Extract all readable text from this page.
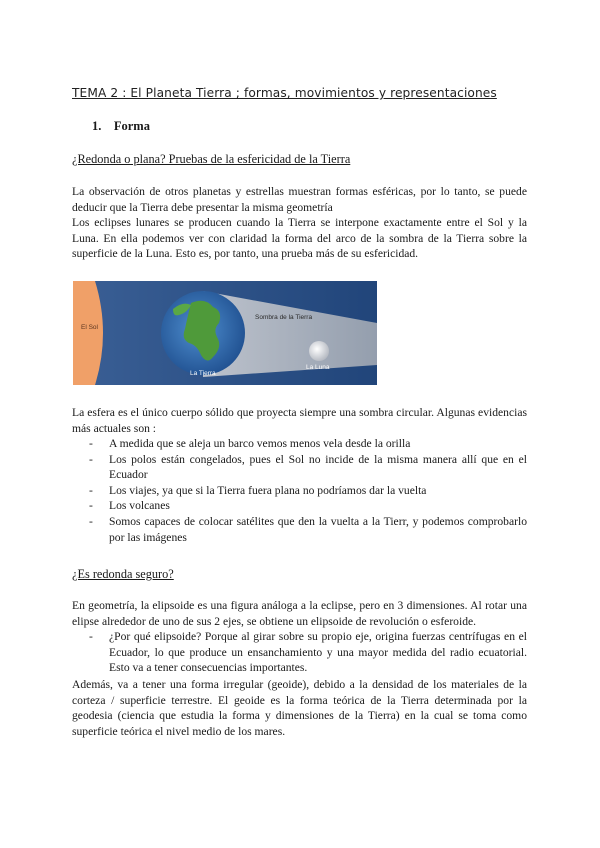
TEMA 2 : El Planeta Tierra ; formas, movimientos y representaciones
1. Forma
¿Redonda o plana? Pruebas de la esfericidad de la Tierra
La observación de otros planetas y estrellas muestran formas esféricas, por lo tanto, se puede deducir que la Tierra debe presentar la misma geometría
Los eclipses lunares se producen cuando la Tierra se interpone exactamente entre el Sol y la Luna. En ella podemos ver con claridad la forma del arco de la sombra de la Tierra sobre la superficie de la Luna. Esto es, por tanto, una prueba más de su esfericidad.
El Sol
Sombra de la Tierra
La Tierra
La Luna
La esfera es el único cuerpo sólido que proyecta siempre una sombra circular. Algunas evidencias más actuales son :
- A medida que se aleja un barco vemos menos vela desde la orilla
- Los polos están congelados, pues el Sol no incide de la misma manera allí que en el Ecuador
- Los viajes, ya que si la Tierra fuera plana no podríamos dar la vuelta
- Los volcanes
- Somos capaces de colocar satélites que den la vuelta a la Tierr, y podemos comprobarlo por las imágenes
¿Es redonda seguro?
En geometría, la elipsoide es una figura análoga a la eclipse, pero en 3 dimensiones. Al rotar una elipse alrededor de uno de sus 2 ejes, se obtiene un elipsoide de revolución o esferoide.
- ¿Por qué elipsoide? Porque al girar sobre su propio eje, origina fuerzas centrífugas en el Ecuador, lo que produce un ensanchamiento y una mayor medida del radio ecuatorial. Esto va a tener consecuencias importantes.
Además, va a tener una forma irregular (geoide), debido a la densidad de los materiales de la corteza / superficie terrestre. El geoide es la forma teórica de la Tierra determinada por la geodesia (ciencia que estudia la forma y dimensiones de la Tierra) en la cual se toma como superficie teórica el nivel medio de los mares.
